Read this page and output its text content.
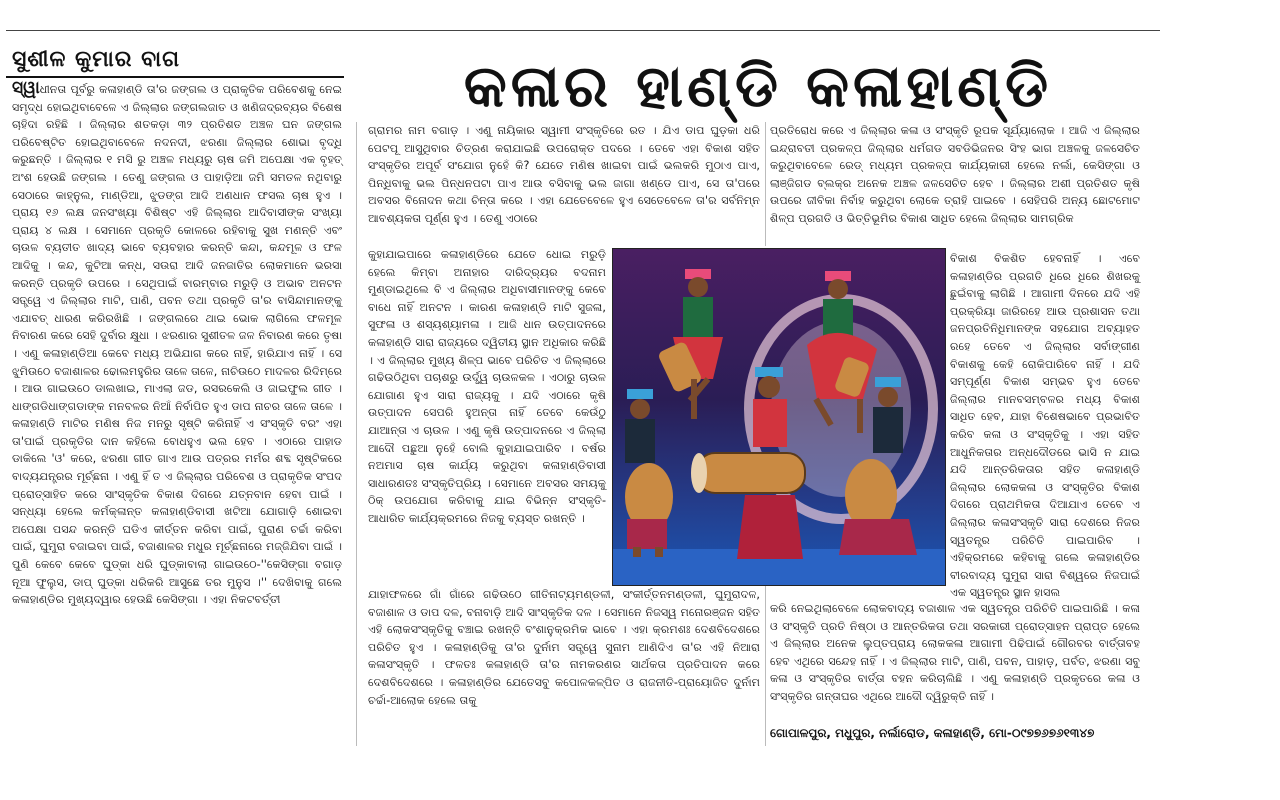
ସୁଶୀଳ କୁମାର ବାଗ	କଳାର ହାଣ୍ଡି କଳାହାଣ୍ଡି

ସ୍ୱାଧୀନତା ପୂର୍ବରୁ କଳାହାଣ୍ଡି ତା'ର ଜଙ୍ଗଲ ଓ ପ୍ରାକୃତିକ ପରିବେଶକୁ ନେଇ ସମୃଦ୍ଧ ହୋଇଥିବାବେଳେ ଏ ଜିଲ୍ଲାର ଜଙ୍ଗଲଜାତ ଓ ଖଣିଜଦ୍ରବ୍ୟର ବିଶେଷ ଚାହିଦା ରହିଛି । ଜିଲ୍ଲାର ଶତକଡ଼ା ୩୨ ପ୍ରତିଶତ ଅଞ୍ଚଳ ଘନ ଜଙ୍ଗଲ ପରିବେଷ୍ଟିତ ହୋଇଥିବାବେଳେ ନଦନଦୀ, ଝରଣା ଜିଲ୍ଲାର ଶୋଭା ବୃଦ୍ଧି କରୁଛନ୍ତି । ଜିଲ୍ଲାର ୧ ମସି ରୁ ଅଞ୍ଚଳ ମଧ୍ୟରୁ ଚାଷ ଜମି ଅପେକ୍ଷା ଏକ ବୃହତ୍ ଅଂଶ ହେଉଛି ଜଙ୍ଗଲ । ତେଣୁ ଜଙ୍ଗଲ ଓ ପାହାଡ଼ିଆ ଜମି ସମତଳ ନଥିବାରୁ ସେଠାରେ କାହ୍ନୁଲ, ମାଣ୍ଡିଆ, ଝୁଡଙ୍ଗ ଆଦି ଅଣଧାନ ଫସଲ ଚାଷ ହୁଏ । ପ୍ରାୟ ୧୬ ଲକ୍ଷ ଜନସଂଖ୍ୟା ବିଶିଷ୍ଟ ଏହି ଜିଲ୍ଲାର ଆଦିବାସୀଙ୍କ ସଂଖ୍ୟା ପ୍ରାୟ ୪ ଲକ୍ଷ । ସେମାନେ ପ୍ରକୃତି କୋଳରେ ରହିବାକୁ ସୁଖ ମଣନ୍ତି ଏବଂ ଚାଉଳ ବ୍ୟତୀତ ଖାଦ୍ୟ ଭାବେ ବ୍ୟବହାର କରନ୍ତି କନ୍ଦା, କନ୍ଦମୂଳ ଓ ଫଳ ଆଦିକୁ । କନ୍ଦ, କୁଟିଆ କନ୍ଧ, ସଉରା ଆଦି ଜନଜାତିର ଲୋକମାନେ ଭରସା କରନ୍ତି ପ୍ରକୃତି ଉପରେ । ସେଥିପାଇଁ ବାରମ୍ବାର ମରୁଡ଼ି ଓ ଅଭାବ ଅନଟନ ସତ୍ତ୍ୱେ ଏ ଜିଲ୍ଲାର ମାଟି, ପାଣି, ପବନ ତଥା ପ୍ରକୃତି ତା'ର ବାସିନ୍ଦାମାନଙ୍କୁ ଏଯାବତ୍ ଧାରଣ କରିରଖିଛି । ଜଙ୍ଗଲରେ ଥାଇ ଭୋକ ଲାଗିଲେ ଫଳମୂଳ ନିବାରଣ କରେ ସେହି ଦୁର୍ବାର କ୍ଷୁଧା । ଝରଣାର ସୁଶୀତଳ ଜଳ ନିବାରଣ କରେ ତୃଷା । ଏଣୁ କଳାହାଣ୍ଡିଆ କେବେ ମଧ୍ୟ ଅଭିଯାଗ କରେ ନାହିଁ, ହାରିଯାଏ ନାହିଁ । ସେ ଝୁମିଉଠେ ବଜାଶାଳର ଢୋଲମହୁରିର ତାଳେ ତାଳେ, ନାଚିଉଠେ ମାଦଳର ରିଦିମ୍‌ରେ । ଆଉ ଗାଇଉଠେ ଡାଲଖାଇ, ମାଏଲା ଜଡ, ରସରକେଲି ଓ ଜାଇଫୁଲ ଗୀତ । ଧାଙ୍ଗଡିଧାଙ୍ଗଡାଙ୍କ ମନବଳର ନିଆଁ ନିର୍ବାପିତ ହୁଏ ଡାପ ନାଚର ତାଳେ ତାଳେ । କଳାହାଣ୍ଡି ମାଟିର ମଣିଷ ନିଜ ମନରୁ ସୃଷ୍ଟି କରିନାହିଁ ଏ ସଂସ୍କୃତି ବରଂ ଏହା ତା'ପାଇଁ ପ୍ରକୃତିର ଦାନ କହିଲେ ବୋଧହୁଏ ଭଲ ହେବ । ଏଠାରେ ପାହାଡ ଡାକିଲେ 'ଓ' କରେ, ଝରଣା ଗୀତ ଗାଏ ଆଉ ପତ୍ରର ମର୍ମର ଶବ୍ଦ ସୃଷ୍ଟିକରେ ବାଦ୍ୟଯନ୍ତ୍ରର ମୂର୍ଚ୍ଛନା । ଏଣୁ ହିଁ ତ ଏ ଜିଲ୍ଲାର ପରିବେଶ ଓ ପ୍ରାକୃତିକ ସଂପଦ ପ୍ରୋତ୍ସାହିତ କରେ ସାଂସ୍କୃତିକ ବିକାଶ ଦିଗରେ ଯତ୍ନବାନ ହେବା ପାଇଁ । ସନ୍ଧ୍ୟା ହେଲେ କର୍ମକ୍ଳାନ୍ତ କଳାହାଣ୍ଡିବାସୀ ଖଟିଆ ଯୋଗାଡ଼ି ଶୋଇବା ଅପେକ୍ଷା ପସନ୍ଦ କରନ୍ତି ଘଡିଏ କୀର୍ତ୍ତନ କରିବା ପାଇଁ, ପୁରାଣ ଚର୍ଚ୍ଚା କରିବା ପାଇଁ, ଘୁମୁରା ବଜାଇବା ପାଇଁ, ବଜାଶାଳର ମଧୁର ମୂର୍ଚ୍ଛନାରେ ମଜ୍ଜିଯିବା ପାଇଁ । ପୁଣି କେବେ କେବେ ଘୁଡ୍‌କା ଧରି ଘୁଡ୍‌କାବାଲା ଗାଇଉଠେ-''କେସିଙ୍ଗା ବଗାଡ଼ ନୂଆ ଫୁଲୁସ, ଡାପ୍ ଘୁଡ୍‌କା ଧରିକରି ଆସୁଛେ ତର ମୁନୁସ ।'' ଦେଖିବାକୁ ଗଲେ କଳାହାଣ୍ଡିର ମୁଖ୍ୟଦ୍ୱାର ହେଉଛି କେସିଙ୍ଗା । ଏହା ନିକଟବର୍ତ୍ତୀ

ଗ୍ରାମର ନାମ ବଗାଡ଼ । ଏଣୁ ନାୟିକାର ସ୍ୱାମୀ ସଂସ୍କୃତିରେ ରତ । ଯିଏ ଡାପ ଘୁଡ଼କା ଧରି ପେଟପୂ ଆସୁଥିବାର ଚିତ୍ରଣ କରାଯାଇଛି ଉପରୋକ୍ତ ପଦରେ । ତେବେ ଏହା ବିକାଶ ସହିତ ସଂସ୍କୃତିର ଅପୂର୍ବ ସଂଯୋଗ ନୁହେଁ କି? ଯେତେ ମଣିଷ ଖାଇବା ପାଇଁ ଭଲକରି ମୁଠାଏ ପାଏ, ପିନ୍ଧିବାକୁ ଭଲ ପିନ୍ଧନପଟା ପାଏ ଆଉ ବସିବାକୁ ଭଲ ଜାଗା ଖଣ୍ଡେ ପାଏ, ସେ ତା'ପରେ ଅବସର ବିନୋଦନ କଥା ଚିନ୍ତା କରେ । ଏହା ଯେତେବେଳେ ହୁଏ ସେତେବେଳେ ତା'ର ସର୍ବନିମ୍ନ ଆବଶ୍ୟକତା ପୂର୍ଣ୍ଣ ହୁଏ । ତେଣୁ ଏଠାରେ

କୁହାଯାଇପାରେ କଳାହାଣ୍ଡିରେ ଯେତେ ଧୋଇ ମରୁଡ଼ି ହେଲେ କିମ୍ବା ଅନାହାର ଦାରିଦ୍ର୍ୟର ବଦନାମ ମୁଣ୍ଡାଇଥିଲେ ବି ଏ ଜିଲ୍ଲାର ଅଧିବାସୀମାନଙ୍କୁ କେବେ ବାଧେ ନାହିଁ ଅନଟନ । କାରଣ କଳାହାଣ୍ଡି ମାଟି ସୁଜଳା, ସୁଫଳା ଓ ଶସ୍ୟଶ୍ୟାମଳା । ଆଜି ଧାନ ଉତ୍ପାଦନରେ କଳାହାଣ୍ଡି ସାରା ରାଜ୍ୟରେ ଦ୍ୱିତୀୟ ସ୍ଥାନ ଅଧିକାର କରିଛି । ଏ ଜିଲ୍ଲାର ମୁଖ୍ୟ ଶିଳ୍ପ ଭାବେ ପରିଚିତ ଏ ଜିଲ୍ଲାରେ ଗଢିଉଠିଥିବା ପଚାଶରୁ ଉର୍ଦ୍ଧ୍ୱ ଚାଉଳକଳ । ଏଠାରୁ ଚାଉଳ ଯୋଗାଣ ହୁଏ ସାରା ରାଜ୍ୟକୁ । ଯଦି ଏଠାରେ କୃଷି ଉତ୍ପାଦନ ସେପରି ହୁଅନ୍ତା ନାହିଁ ତେବେ କେଉଁଠୁ ଯାଆନ୍ତା ଏ ଚାଉଳ । ଏଣୁ କୃଷି ଉତ୍ପାଦନରେ ଏ ଜିଲ୍ଲା ଆଦୌ ପଛୁଆ ନୁହେଁ ବୋଲି କୁହାଯାଇପାରିବ । ବର୍ଷର ନଅମାସ ଚାଷ କାର୍ଯ୍ୟ କରୁଥିବା କଳାହାଣ୍ଡିବାସୀ ସାଧାରଣତଃ ସଂସ୍କୃତିପ୍ରିୟ । ସେମାନେ ଅବସର ସମୟକୁ ଠିକ୍ ଉପଯୋଗ କରିବାକୁ ଯାଇ ବିଭିନ୍ନ ସଂସ୍କୃତି-ଆଧାରିତ କାର୍ଯ୍ୟକ୍ରମରେ ନିଜକୁ ବ୍ୟସ୍ତ ରଖନ୍ତି ।

ଯାହାଫଳରେ ଗାଁ ଗାଁରେ ଗଢିଉଠେ ଗୀତିନାଟ୍ୟମଣ୍ଡଳୀ, ସଂକୀର୍ତ୍ତନମଣ୍ଡଳୀ, ଘୁମୁରାଦଳ, ବଜାଶାଳ ଓ ଡାପ ଦଳ, ବନାବାଡ଼ି ଆଦି ସାଂସ୍କୃତିକ ଦଳ । ସେମାନେ ନିଜସ୍ୱ ମନୋରଞ୍ଜନ ସହିତ ଏହି ଲୋକସଂସ୍କୃତିକୁ ବଞ୍ଚାଇ ରଖନ୍ତି ବଂଶାନୁକ୍ରମିକ ଭାବେ । ଏହା କ୍ରମଶଃ ଦେଶବିଦେଶରେ ପରିଚିତ ହୁଏ । କଳାହାଣ୍ଡିକୁ ତା'ର ଦୁର୍ନାମ ସତ୍ତ୍ୱେ ସୁନାମ ଆଣିଦିଏ ତା'ର ଏହି ନିଆରା କଳାସଂସ୍କୃତି । ଫଳତଃ କଳାହାଣ୍ଡି ତା'ର ନାମକରଣର ସାର୍ଥକତା ପ୍ରତିପାଦନ କରେ ଦେଶବିଦେଶରେ । କଳାହାଣ୍ଡିର ଯେତେସବୁ କପୋଳକଳ୍ପିତ ଓ ରାଜନୀତି-ପ୍ରାୟୋଜିତ ଦୁର୍ନାମ ଚର୍ଚ୍ଚା-ଆଲୋକ ହେଲେ ତାକୁ

ପ୍ରତିରୋଧ କରେ ଏ ଜିଲ୍ଲାର କଳା ଓ ସଂସ୍କୃତି ରୂପକ ସୂର୍ଯ୍ୟାଲୋକ । ଆଜି ଏ ଜିଲ୍ଲାର ଇନ୍ଦ୍ରାବତୀ ପ୍ରକଳ୍ପ ଜିଲ୍ଲାର ଧର୍ମଗଡ ସବଡିଭିଜନର ସିଂହ ଭାଗ ଅଞ୍ଚଳକୁ ଜଳସେଚିତ କରୁଥିବାବେଳେ ରେଡ୍ ମଧ୍ୟମ ପ୍ରକଳ୍ପ କାର୍ଯ୍ୟକାରୀ ହେଲେ ନର୍ଲା, କେସିଙ୍ଗା ଓ ଲାଞ୍ଜିଗଡ ବ୍ଲକ୍‌ର ଅନେକ ଅଞ୍ଚଳ ଜଳସେଚିତ ହେବ । ଜିଲ୍ଲାର ଅଶୀ ପ୍ରତିଶତ କୃଷି ଉପରେ ଜୀବିକା ନିର୍ବାହ କରୁଥିବା ଲୋକେ ତ୍ରାହି ପାଇବେ । ସେହିପରି ଅନ୍ୟ ଛୋଟମୋଟ ଶିଳ୍ପ ପ୍ରଗତି ଓ ଭିତ୍ତିଭୂମିର ବିକାଶ ସାଧିତ ହେଲେ ଜିଲ୍ଲାର ସାମଗ୍ରିକ

ବିକାଶ ବିକଶିତ ହେବନାହିଁ । ଏବେ କଳାହାଣ୍ଡିର ପ୍ରଗତି ଧିରେ ଧିରେ ଶିଖରକୁ ଛୁଇଁବାକୁ ଲାଗିଛି । ଆଗାମୀ ଦିନରେ ଯଦି ଏହି ପ୍ରକ୍ରିୟା ଜାରିରହେ ଆଉ ପ୍ରଶାସନ ତଥା ଜନପ୍ରତିନିଧିମାନଙ୍କ ସହଯୋଗ ଅବ୍ୟାହତ ରହେ ତେବେ ଏ ଜିଲ୍ଲାର ସର୍ବାଙ୍ଗୀଣ ବିକାଶକୁ କେହି ରୋକିପାରିବେ ନାହିଁ । ଯଦି ସମ୍ପୂର୍ଣ୍ଣ ବିକାଶ ସମ୍ଭବ ହୁଏ ତେବେ ଜିଲ୍ଲାର ମାନବସମ୍ବଳର ମଧ୍ୟ ବିକାଶ ସାଧିତ ହେବ, ଯାହା ବିଶେଷଭାବେ ପ୍ରଭାବିତ କରିବ କଳା ଓ ସଂସ୍କୃତିକୁ । ଏହା ସହିତ ଆଧୁନିକତାର ଅନ୍ଧଦୌଡରେ ଭାସି ନ ଯାଇ ଯଦି ଆନ୍ତରିକତାର ସହିତ କଳାହାଣ୍ଡି ଜିଲ୍ଲାର ଲୋକକଳା ଓ ସଂସ୍କୃତିର ବିକାଶ ଦିଗରେ ପ୍ରାଥମିକତା ଦିଆଯାଏ ତେବେ ଏ ଜିଲ୍ଲାର କଳାସଂସ୍କୃତି ସାରା ଦେଶରେ ନିଜର ସ୍ୱତନ୍ତ୍ର ପରିଚିତି ପାଇପାରିବ । ଏହିକ୍ରମରେ କହିବାକୁ ଗଲେ କଳାହାଣ୍ଡିର ବୀରବାଦ୍ୟ ଘୁମୁରା ସାରା ବିଶ୍ୱରେ ନିଜପାଇଁ ଏକ ସ୍ୱତନ୍ତ୍ର ସ୍ଥାନ ହାସଲ

କରି ନେଇଥିଲାବେଳେ ଲୋକବାଦ୍ୟ ବଜାଶାଳ ଏକ ସ୍ୱତନ୍ତ୍ର ପରିଚିତି ପାଇପାରିଛି । କଳା ଓ ସଂସ୍କୃତି ପ୍ରତି ନିଷ୍ଠା ଓ ଆନ୍ତରିକତା ତଥା ସରକାରୀ ପ୍ରୋତ୍ସାହନ ପ୍ରାପ୍ତ ହେଲେ ଏ ଜିଲ୍ଲାର ଅନେକ ଲୁପ୍ତପ୍ରାୟ ଲୋକକଳା ଆଗାମୀ ପିଢିପାଇଁ ଗୌରବର ବାର୍ତ୍ତାବହ ହେବ ଏଥିରେ ସନ୍ଦେହ ନାହିଁ । ଏ ଜିଲ୍ଲାର ମାଟି, ପାଣି, ପବନ, ପାହାଡ଼, ପର୍ବତ, ଝରଣା ସବୁ କଳା ଓ ସଂସ୍କୃତିର ବାର୍ତ୍ତା ବହନ କରିଚାଲିଛି । ଏଣୁ କଳାହାଣ୍ଡି ପ୍ରକୃତରେ କଳା ଓ ସଂସ୍କୃତିର ଗନ୍ତାଘର ଏଥିରେ ଆଦୌ ଦ୍ୱିରୁକ୍ତି ନାହିଁ ।

ଗୋପାଳପୁର, ମଧୁପୁର, ନର୍ଲାରୋଡ, କଳାହାଣ୍ଡି, ମୋ-୦୯୭୭୬୭୬୧୩୪୭
